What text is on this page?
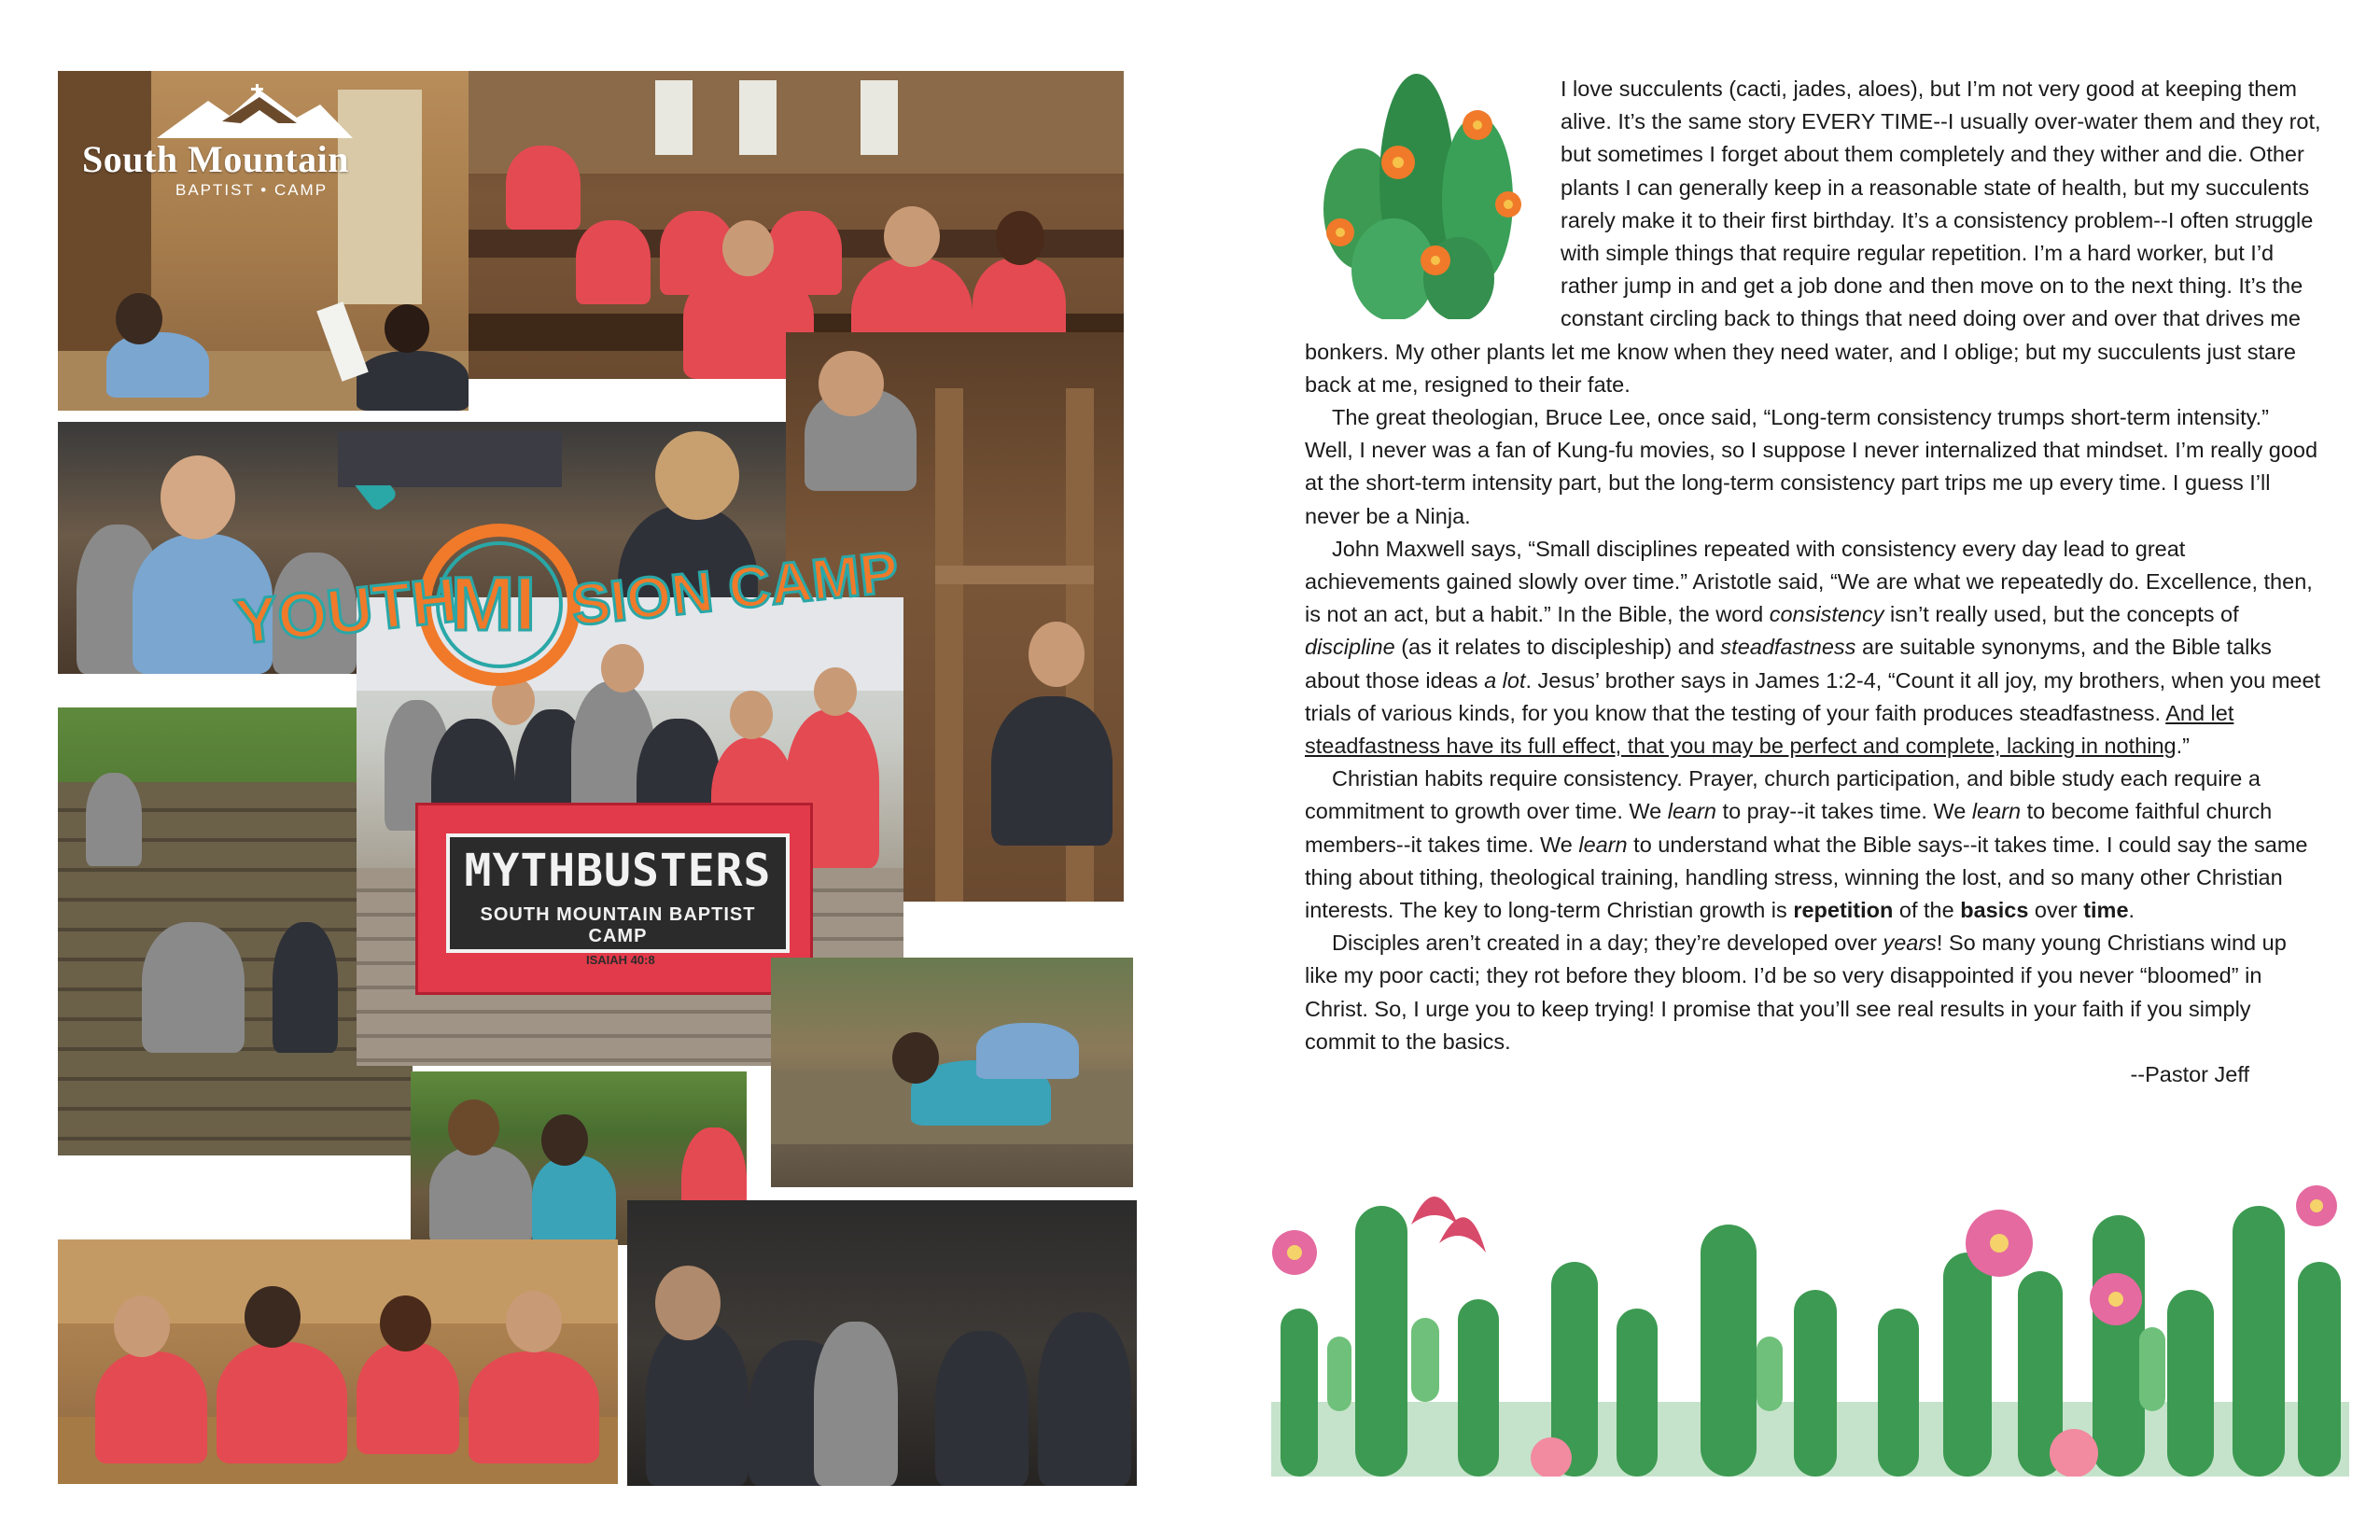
South Mountain
BAPTIST • CAMP
MYTHBUSTERS
SOUTH MOUNTAIN BAPTIST CAMP
ISAIAH 40:8
YOUTH
MI SION CAMP

I love succulents (cacti, jades, aloes), but I’m not very good at keeping them alive. It’s the same story EVERY TIME--I usually over-water them and they rot, but sometimes I forget about them completely and they wither and die. Other plants I can generally keep in a reasonable state of health, but my succulents rarely make it to their first birthday. It’s a consistency problem--I often struggle with simple things that require regular repetition. I’m a hard worker, but I’d rather jump in and get a job done and then move on to the next thing. It’s the constant circling back to things that need doing over and over that drives me bonkers. My other plants let me know when they need water, and I oblige; but my succulents just stare back at me, resigned to their fate.

The great theologian, Bruce Lee, once said, “Long-term consistency trumps short-term intensity.” Well, I never was a fan of Kung-fu movies, so I suppose I never internalized that mindset. I’m really good at the short-term intensity part, but the long-term consistency part trips me up every time. I guess I’ll never be a Ninja.

John Maxwell says, “Small disciplines repeated with consistency every day lead to great achievements gained slowly over time.” Aristotle said, “We are what we repeatedly do. Excellence, then, is not an act, but a habit.” In the Bible, the word consistency isn’t really used, but the concepts of discipline (as it relates to discipleship) and steadfastness are suitable synonyms, and the Bible talks about those ideas a lot. Jesus’ brother says in James 1:2-4, “Count it all joy, my brothers, when you meet trials of various kinds, for you know that the testing of your faith produces steadfastness. And let steadfastness have its full effect, that you may be perfect and complete, lacking in nothing.”

Christian habits require consistency. Prayer, church participation, and bible study each require a commitment to growth over time. We learn to pray--it takes time. We learn to become faithful church members--it takes time. We learn to understand what the Bible says--it takes time. I could say the same thing about tithing, theological training, handling stress, winning the lost, and so many other Christian interests. The key to long-term Christian growth is repetition of the basics over time.

Disciples aren’t created in a day; they’re developed over years! So many young Christians wind up like my poor cacti; they rot before they bloom. I’d be so very disappointed if you never “bloomed” in Christ. So, I urge you to keep trying! I promise that you’ll see real results in your faith if you simply commit to the basics.

--Pastor Jeff
